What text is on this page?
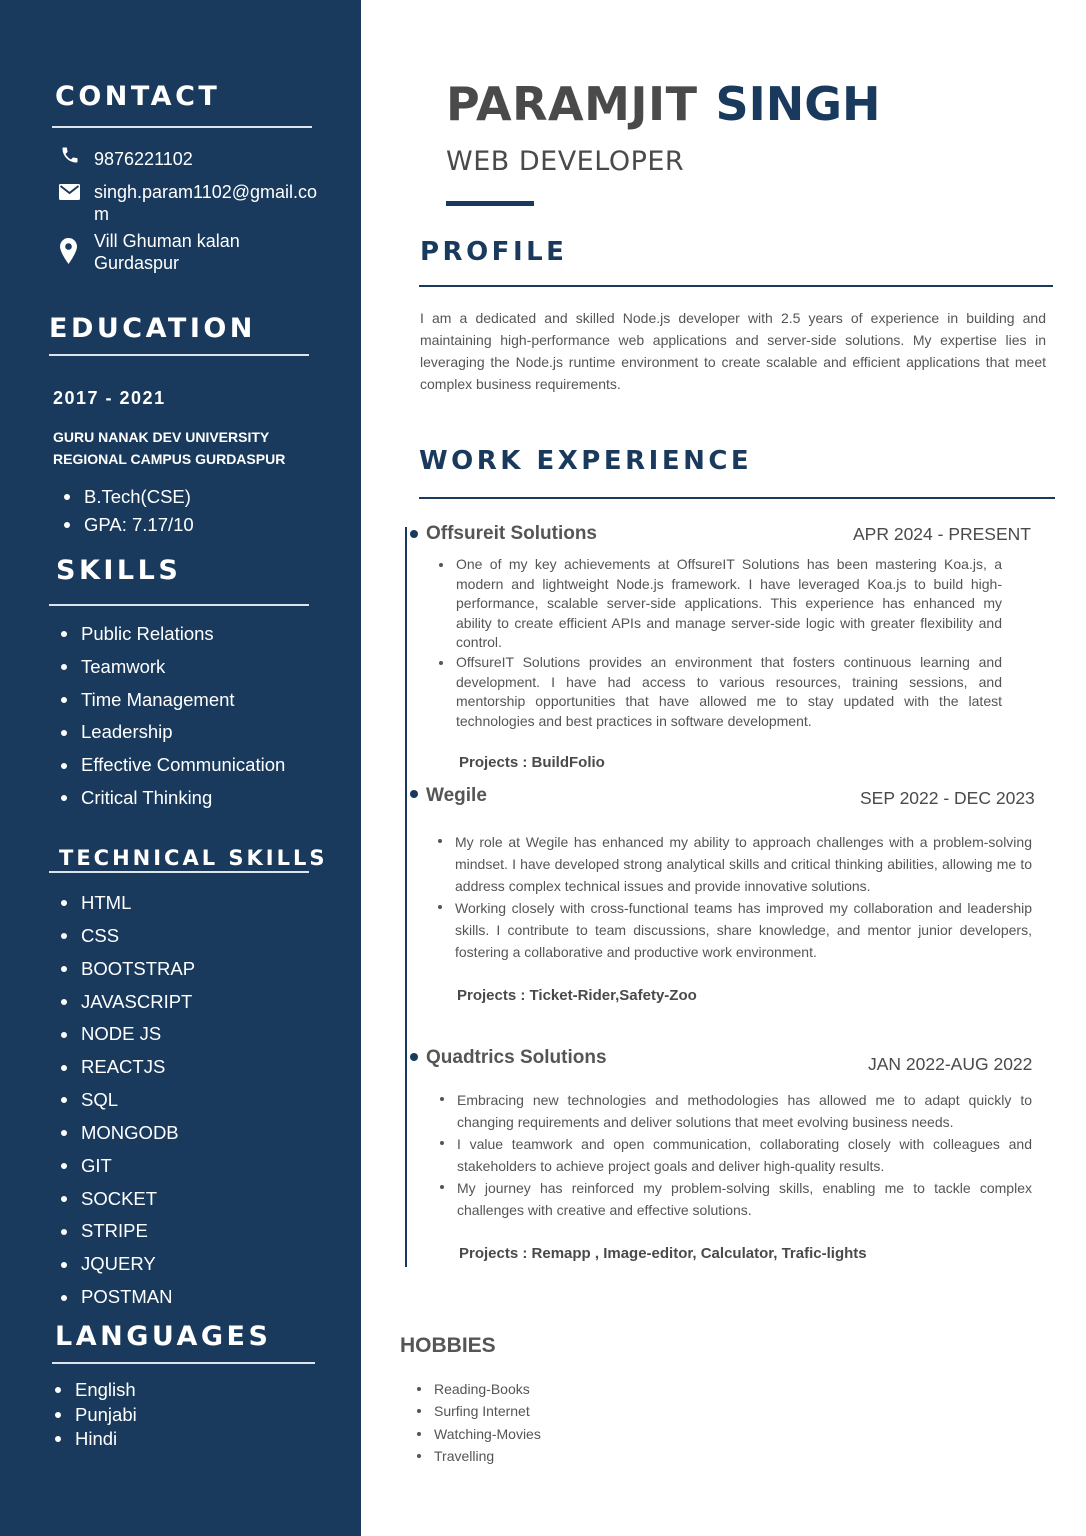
CONTACT
9876221102
singh.param1102@gmail.co
m
Vill Ghuman kalan
Gurdaspur
EDUCATION
2017 - 2021
GURU NANAK DEV UNIVERSITY
REGIONAL CAMPUS GURDASPUR
B.Tech(CSE)
GPA: 7.17/10
SKILLS
Public Relations
Teamwork
Time Management
Leadership
Effective Communication
Critical Thinking
TECHNICAL SKILLS
HTML
CSS
BOOTSTRAP
JAVASCRIPT
NODE JS
REACTJS
SQL
MONGODB
GIT
SOCKET
STRIPE
JQUERY
POSTMAN
LANGUAGES
English
Punjabi
Hindi
PARAMJIT SINGH
WEB DEVELOPER
PROFILE

I am a dedicated and skilled Node.js developer with 2.5 years of experience in building and maintaining high-performance web applications and server-side solutions. My expertise lies in leveraging the Node.js runtime environment to create scalable and efficient applications that meet complex business requirements.

WORK EXPERIENCE
Offsureit Solutions	APR 2024 - PRESENT
One of my key achievements at OffsureIT Solutions has been mastering Koa.js, a modern and lightweight Node.js framework. I have leveraged Koa.js to build high-performance, scalable server-side applications. This experience has enhanced my ability to create efficient APIs and manage server-side logic with greater flexibility and control.
OffsureIT Solutions provides an environment that fosters continuous learning and development. I have had access to various resources, training sessions, and mentorship opportunities that have allowed me to stay updated with the latest technologies and best practices in software development.
Projects : BuildFolio
Wegile	SEP 2022 - DEC 2023
My role at Wegile has enhanced my ability to approach challenges with a problem-solving mindset. I have developed strong analytical skills and critical thinking abilities, allowing me to address complex technical issues and provide innovative solutions.
Working closely with cross-functional teams has improved my collaboration and leadership skills. I contribute to team discussions, share knowledge, and mentor junior developers, fostering a collaborative and productive work environment.
Projects : Ticket-Rider,Safety-Zoo
Quadtrics Solutions	JAN 2022-AUG 2022
Embracing new technologies and methodologies has allowed me to adapt quickly to changing requirements and deliver solutions that meet evolving business needs.
I value teamwork and open communication, collaborating closely with colleagues and stakeholders to achieve project goals and deliver high-quality results.
My journey has reinforced my problem-solving skills, enabling me to tackle complex challenges with creative and effective solutions.
Projects : Remapp , Image-editor, Calculator, Trafic-lights
HOBBIES
Reading-Books
Surfing Internet
Watching-Movies
Travelling
